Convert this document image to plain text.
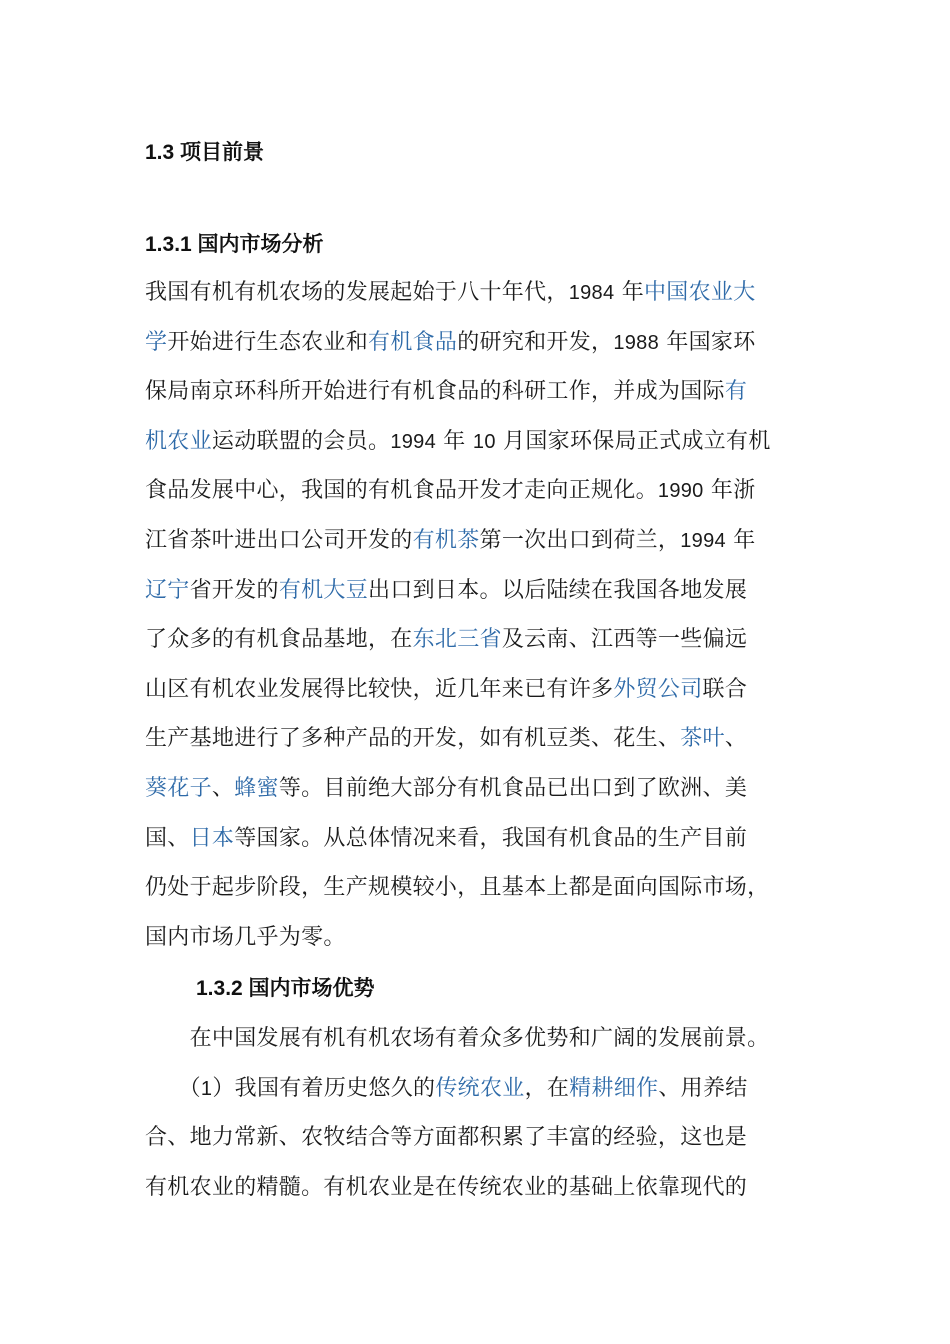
1.3 项目前景
1.3.1 国内市场分析
我国有机有机农场的发展起始于八十年代，1984 年中国农业大
学开始进行生态农业和有机食品的研究和开发，1988 年国家环
保局南京环科所开始进行有机食品的科研工作，并成为国际有
机农业运动联盟的会员。1994 年 10 月国家环保局正式成立有机
食品发展中心，我国的有机食品开发才走向正规化。1990 年浙
江省茶叶进出口公司开发的有机茶第一次出口到荷兰，1994 年
辽宁省开发的有机大豆出口到日本。以后陆续在我国各地发展
了众多的有机食品基地，在东北三省及云南、江西等一些偏远
山区有机农业发展得比较快，近几年来已有许多外贸公司联合
生产基地进行了多种产品的开发，如有机豆类、花生、茶叶、
葵花子、蜂蜜等。目前绝大部分有机食品已出口到了欧洲、美
国、日本等国家。从总体情况来看，我国有机食品的生产目前
仍处于起步阶段，生产规模较小，且基本上都是面向国际市场，
国内市场几乎为零。
1.3.2 国内市场优势
　　在中国发展有机有机农场有着众多优势和广阔的发展前景。
　　（1）我国有着历史悠久的传统农业，在精耕细作、用养结
合、地力常新、农牧结合等方面都积累了丰富的经验，这也是
有机农业的精髓。有机农业是在传统农业的基础上依靠现代的
